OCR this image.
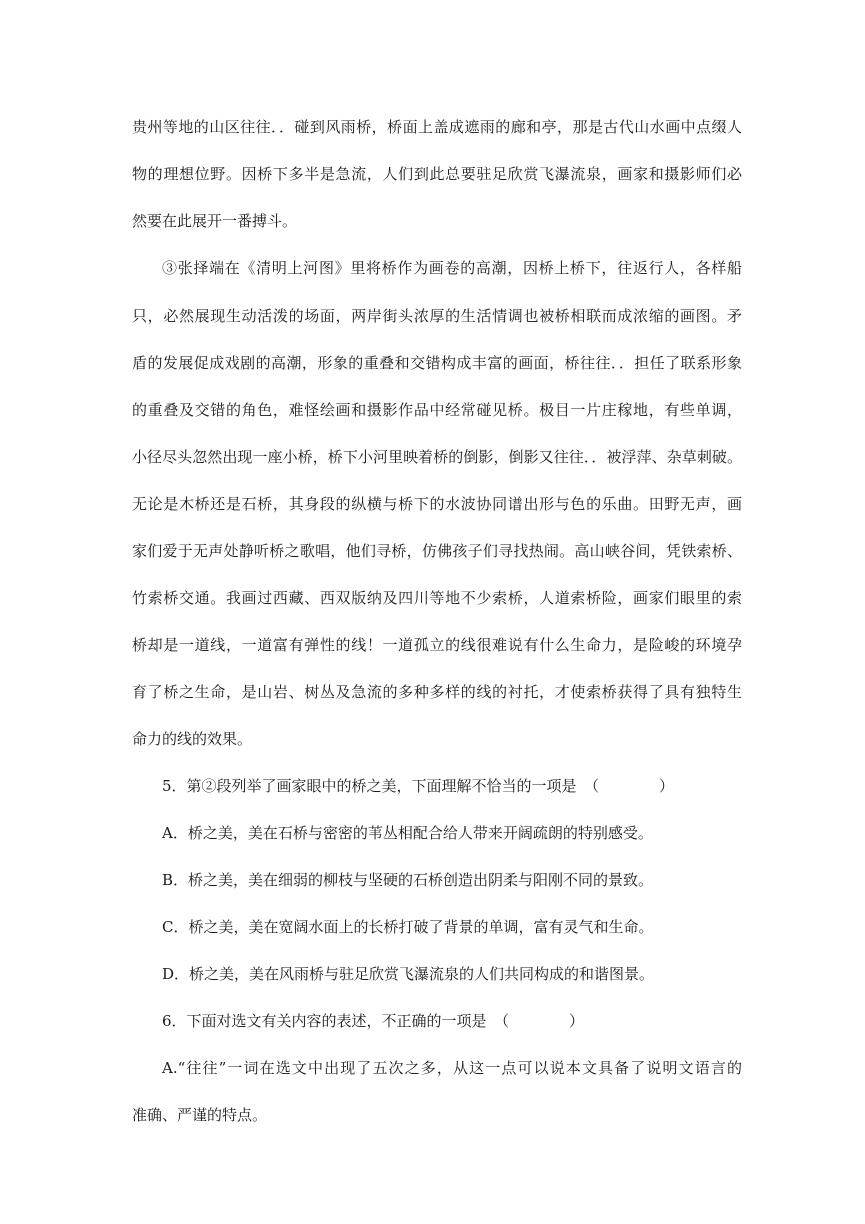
贵州等地的山区往往．．碰到风雨桥，桥面上盖成遮雨的廊和亭，那是古代山水画中点缀人
物的理想位野。因桥下多半是急流，人们到此总要驻足欣赏飞瀑流泉，画家和摄影师们必
然要在此展开一番搏斗。
③张择端在《清明上河图》里将桥作为画卷的高潮，因桥上桥下，往返行人，各样船
只，必然展现生动活泼的场面，两岸街头浓厚的生活情调也被桥相联而成浓缩的画图。矛
盾的发展促成戏剧的高潮，形象的重叠和交错构成丰富的画面，桥往往．．担任了联系形象
的重叠及交错的角色，难怪绘画和摄影作品中经常碰见桥。极目一片庄稼地，有些单调，
小径尽头忽然出现一座小桥，桥下小河里映着桥的倒影，倒影又往往．．被浮萍、杂草刺破。
无论是木桥还是石桥，其身段的纵横与桥下的水波协同谱出形与色的乐曲。田野无声，画
家们爱于无声处静听桥之歌唱，他们寻桥，仿佛孩子们寻找热闹。高山峡谷间，凭铁索桥、
竹索桥交通。我画过西藏、西双版纳及四川等地不少索桥，人道索桥险，画家们眼里的索
桥却是一道线，一道富有弹性的线！一道孤立的线很难说有什么生命力，是险峻的环境孕
育了桥之生命，是山岩、树丛及急流的多种多样的线的衬托，才使索桥获得了具有独特生
命力的线的效果。
5．第②段列举了画家眼中的桥之美，下面理解不恰当的一项是　（　　　　）
A．桥之美，美在石桥与密密的苇丛相配合给人带来开阔疏朗的特别感受。
B．桥之美，美在细弱的柳枝与坚硬的石桥创造出阴柔与阳刚不同的景致。
C．桥之美，美在宽阔水面上的长桥打破了背景的单调，富有灵气和生命。
D．桥之美，美在风雨桥与驻足欣赏飞瀑流泉的人们共同构成的和谐图景。
6．下面对选文有关内容的表述，不正确的一项是　（　　　　）
A.“往往”一词在选文中出现了五次之多，从这一点可以说本文具备了说明文语言的
准确、严谨的特点。
